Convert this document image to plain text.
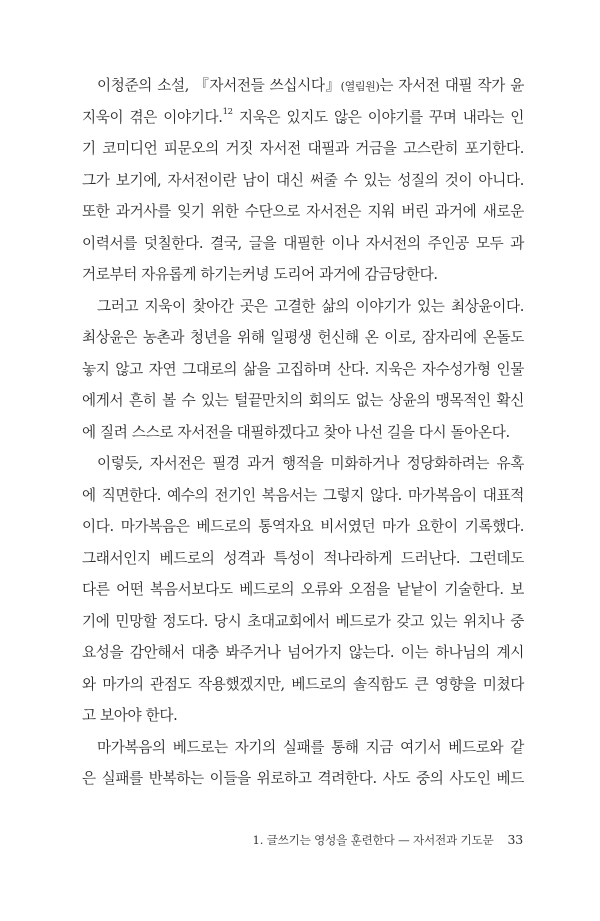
이청준의 소설, 『자서전들 쓰십시다』(열림원)는 자서전 대필 작가 윤
지욱이 겪은 이야기다.$^{12}$ 지욱은 있지도 않은 이야기를 꾸며 내라는 인
기 코미디언 피문오의 거짓 자서전 대필과 거금을 고스란히 포기한다.
그가 보기에, 자서전이란 남이 대신 써줄 수 있는 성질의 것이 아니다.
또한 과거사를 잊기 위한 수단으로 자서전은 지워 버린 과거에 새로운
이력서를 덧칠한다. 결국, 글을 대필한 이나 자서전의 주인공 모두 과
거로부터 자유롭게 하기는커녕 도리어 과거에 감금당한다.
그러고 지욱이 찾아간 곳은 고결한 삶의 이야기가 있는 최상윤이다.
최상윤은 농촌과 청년을 위해 일평생 헌신해 온 이로, 잠자리에 온돌도
놓지 않고 자연 그대로의 삶을 고집하며 산다. 지욱은 자수성가형 인물
에게서 흔히 볼 수 있는 털끝만치의 회의도 없는 상윤의 맹목적인 확신
에 질려 스스로 자서전을 대필하겠다고 찾아 나선 길을 다시 돌아온다.
이렇듯, 자서전은 필경 과거 행적을 미화하거나 정당화하려는 유혹
에 직면한다. 예수의 전기인 복음서는 그렇지 않다. 마가복음이 대표적
이다. 마가복음은 베드로의 통역자요 비서였던 마가 요한이 기록했다.
그래서인지 베드로의 성격과 특성이 적나라하게 드러난다. 그런데도
다른 어떤 복음서보다도 베드로의 오류와 오점을 낱낱이 기술한다. 보
기에 민망할 정도다. 당시 초대교회에서 베드로가 갖고 있는 위치나 중
요성을 감안해서 대충 봐주거나 넘어가지 않는다. 이는 하나님의 계시
와 마가의 관점도 작용했겠지만, 베드로의 솔직함도 큰 영향을 미쳤다
고 보아야 한다.
마가복음의 베드로는 자기의 실패를 통해 지금 여기서 베드로와 같
은 실패를 반복하는 이들을 위로하고 격려한다. 사도 중의 사도인 베드
1. 글쓰기는 영성을 훈련한다 — 자서전과 기도문 33
